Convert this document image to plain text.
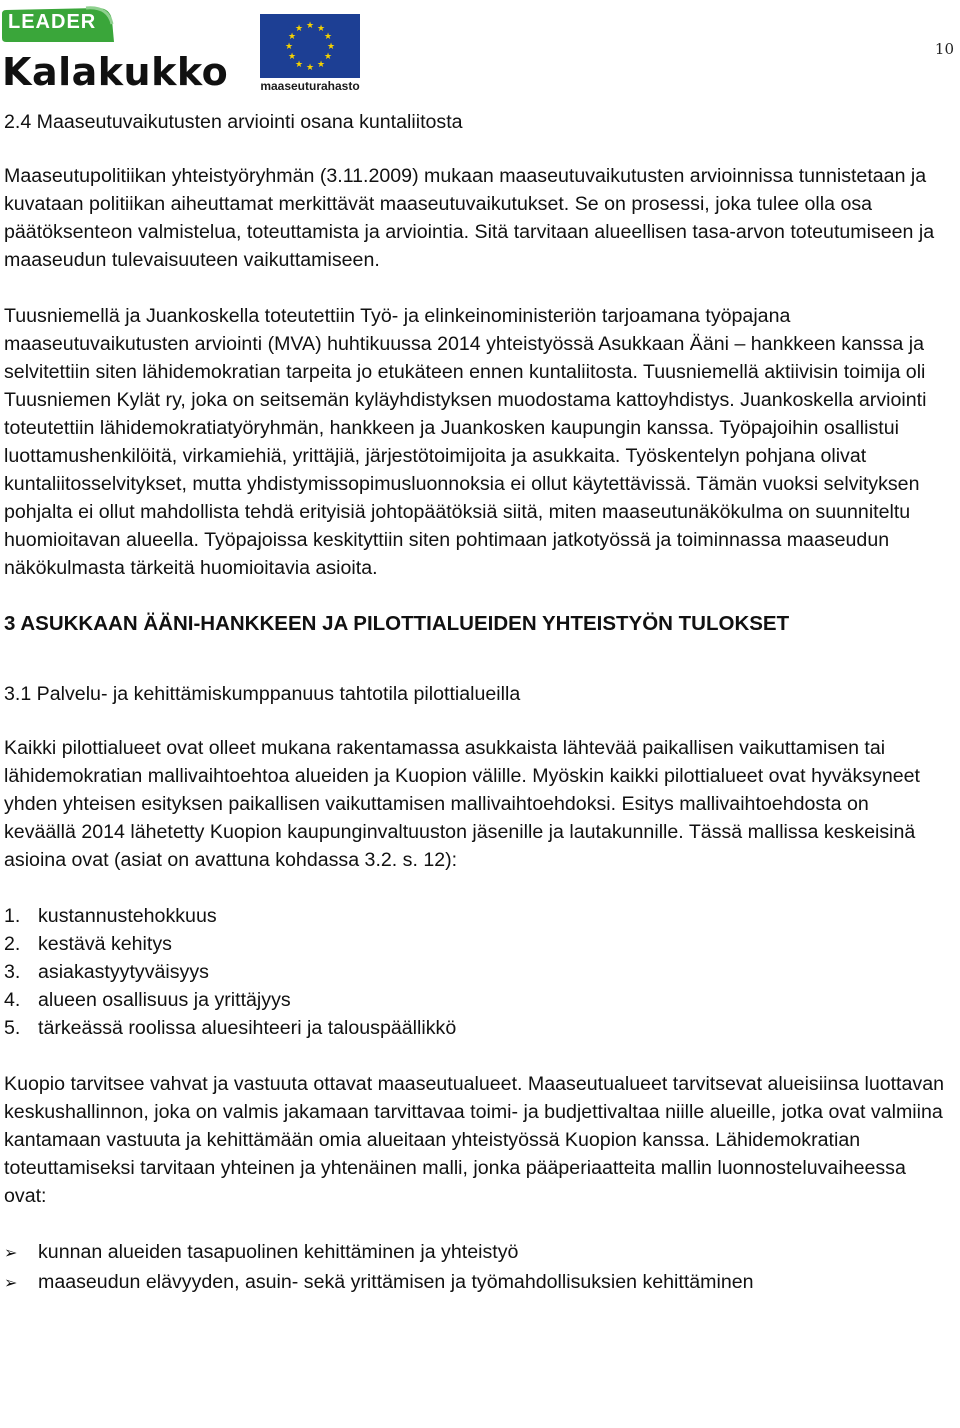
LEADER
Kalakukko
★ ★
★
★
★
★
★
★
★
★
★
★
maaseuturahasto
10

2.4 Maaseutuvaikutusten arviointi osana kuntaliitosta

Maaseutupolitiikan yhteistyöryhmän (3.11.2009) mukaan maaseutuvaikutusten arvioinnissa tunnistetaan ja kuvataan politiikan aiheuttamat merkittävät maaseutuvaikutukset. Se on prosessi, joka tulee olla osa päätöksenteon valmistelua, toteuttamista ja arviointia. Sitä tarvitaan alueellisen tasa-arvon toteutumiseen ja maaseudun tulevaisuuteen vaikuttamiseen.

Tuusniemellä ja Juankoskella toteutettiin Työ- ja elinkeinoministeriön tarjoamana työpajana maaseutuvaikutusten arviointi (MVA) huhtikuussa 2014 yhteistyössä Asukkaan Ääni – hankkeen kanssa ja selvitettiin siten lähidemokratian tarpeita jo etukäteen ennen kuntaliitosta. Tuusniemellä aktiivisin toimija oli Tuusniemen Kylät ry, joka on seitsemän kyläyhdistyksen muodostama kattoyhdistys. Juankoskella arviointi toteutettiin lähidemokratiatyöryhmän, hankkeen ja Juankosken kaupungin kanssa. Työpajoihin osallistui luottamushenkilöitä, virkamiehiä, yrittäjiä, järjestötoimijoita ja asukkaita. Työskentelyn pohjana olivat kuntaliitosselvitykset, mutta yhdistymissopimusluonnoksia ei ollut käytettävissä. Tämän vuoksi selvityksen pohjalta ei ollut mahdollista tehdä erityisiä johtopäätöksiä siitä, miten maaseutunäkökulma on suunniteltu huomioitavan alueella. Työpajoissa keskityttiin siten pohtimaan jatkotyössä ja toiminnassa maaseudun näkökulmasta tärkeitä huomioitavia asioita.

3 ASUKKAAN ÄÄNI-HANKKEEN JA PILOTTIALUEIDEN YHTEISTYÖN TULOKSET

3.1 Palvelu- ja kehittämiskumppanuus tahtotila pilottialueilla

Kaikki pilottialueet ovat olleet mukana rakentamassa asukkaista lähtevää paikallisen vaikuttamisen tai lähidemokratian mallivaihtoehtoa alueiden ja Kuopion välille. Myöskin kaikki pilottialueet ovat hyväksyneet yhden yhteisen esityksen paikallisen vaikuttamisen mallivaihtoehdoksi. Esitys mallivaihtoehdosta on keväällä 2014 lähetetty Kuopion kaupunginvaltuuston jäsenille ja lautakunnille. Tässä mallissa keskeisinä asioina ovat (asiat on avattuna kohdassa 3.2. s. 12):

1. kustannustehokkuus
2. kestävä kehitys
3. asiakastyytyväisyys
4. alueen osallisuus ja yrittäjyys
5. tärkeässä roolissa aluesihteeri ja talouspäällikkö

Kuopio tarvitsee vahvat ja vastuuta ottavat maaseutualueet. Maaseutualueet tarvitsevat alueisiinsa luottavan keskushallinnon, joka on valmis jakamaan tarvittavaa toimi- ja budjettivaltaa niille alueille, jotka ovat valmiina kantamaan vastuuta ja kehittämään omia alueitaan yhteistyössä Kuopion kanssa. Lähidemokratian toteuttamiseksi tarvitaan yhteinen ja yhtenäinen malli, jonka pääperiaatteita mallin luonnosteluvaiheessa ovat:

➢ kunnan alueiden tasapuolinen kehittäminen ja yhteistyö
➢ maaseudun elävyyden, asuin- sekä yrittämisen ja työmahdollisuksien kehittäminen
